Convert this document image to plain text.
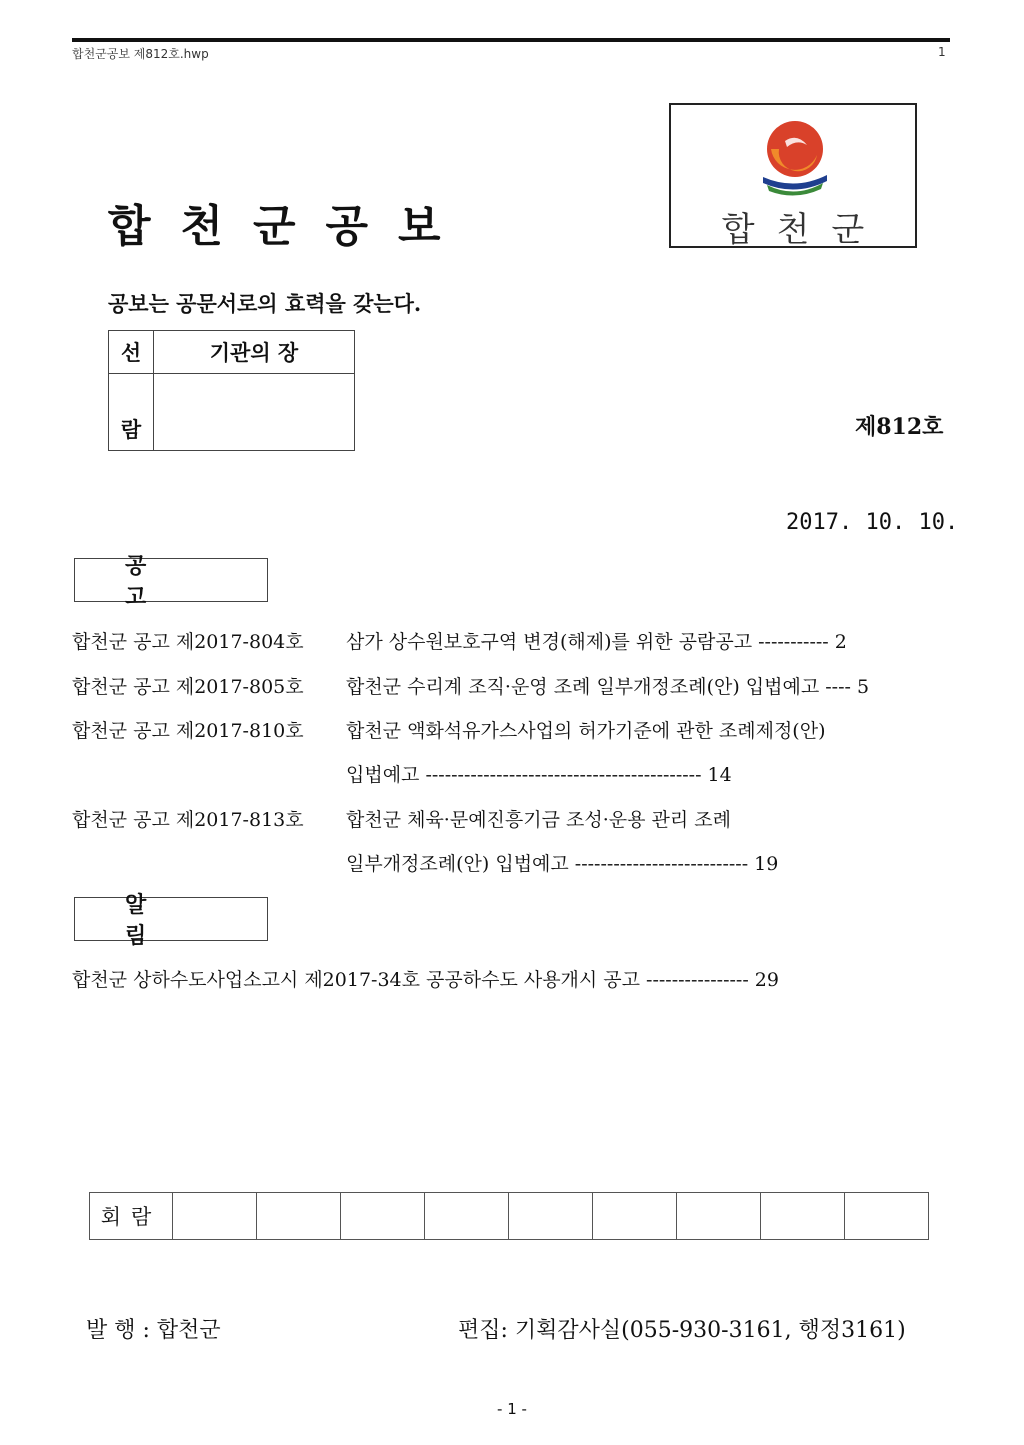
합천군공보 제812호.hwp	1
합천군
합천군공보
공보는 공문서로의 효력을 갖는다.
선	기관의 장
람		제812호
2017. 10. 10.
공고
합천군 공고 제2017-804호 삼가 상수원보호구역 변경(해제)를 위한 공람공고 ----------- 2
합천군 공고 제2017-805호 합천군 수리계 조직·운영 조례 일부개정조례(안) 입법예고 ---- 5
합천군 공고 제2017-810호 합천군 액화석유가스사업의 허가기준에 관한 조례제정(안)
입법예고 ------------------------------------------- 14
합천군 공고 제2017-813호 합천군 체육·문예진흥기금 조성·운용 관리 조례
일부개정조례(안) 입법예고 --------------------------- 19
알림
합천군 상하수도사업소고시 제2017-34호 공공하수도 사용개시 공고 ---------------- 29
회람									
발 행 : 합천군	편집: 기획감사실(055-930-3161, 행정3161)
- 1 -
